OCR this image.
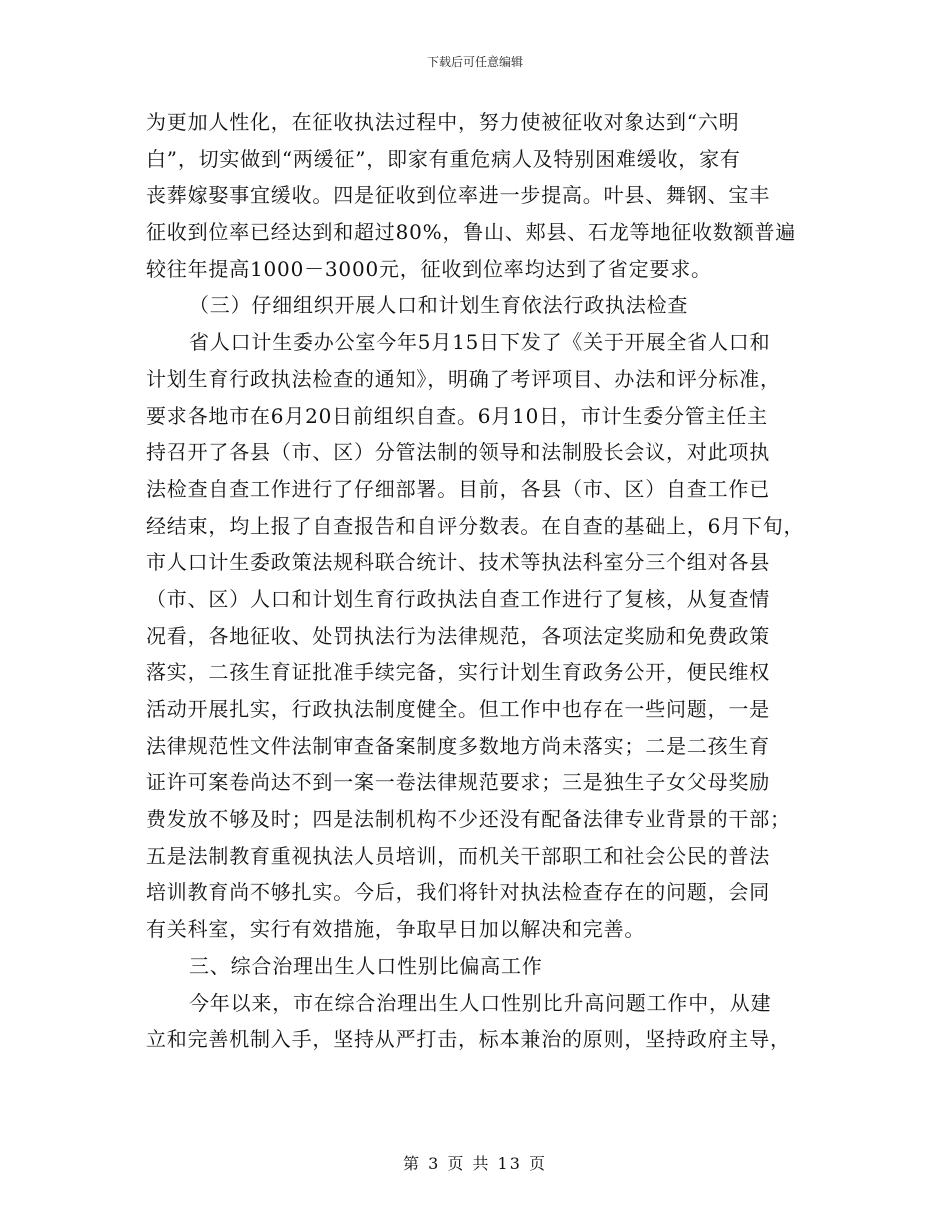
下载后可任意编辑
为更加人性化，在征收执法过程中，努力使被征收对象达到“六明
白”，切实做到“两缓征”，即家有重危病人及特别困难缓收，家有
丧葬嫁娶事宜缓收。四是征收到位率进一步提高。叶县、舞钢、宝丰
征收到位率已经达到和超过80%，鲁山、郏县、石龙等地征收数额普遍
较往年提高1000－3000元，征收到位率均达到了省定要求。
（三）仔细组织开展人口和计划生育依法行政执法检查
省人口计生委办公室今年5月15日下发了《关于开展全省人口和
计划生育行政执法检查的通知》，明确了考评项目、办法和评分标准，
要求各地市在6月20日前组织自查。6月10日，市计生委分管主任主
持召开了各县（市、区）分管法制的领导和法制股长会议，对此项执
法检查自查工作进行了仔细部署。目前，各县（市、区）自查工作已
经结束，均上报了自查报告和自评分数表。在自查的基础上，6月下旬，
市人口计生委政策法规科联合统计、技术等执法科室分三个组对各县
（市、区）人口和计划生育行政执法自查工作进行了复核，从复查情
况看，各地征收、处罚执法行为法律规范，各项法定奖励和免费政策
落实，二孩生育证批准手续完备，实行计划生育政务公开，便民维权
活动开展扎实，行政执法制度健全。但工作中也存在一些问题，一是
法律规范性文件法制审查备案制度多数地方尚未落实；二是二孩生育
证许可案卷尚达不到一案一卷法律规范要求；三是独生子女父母奖励
费发放不够及时；四是法制机构不少还没有配备法律专业背景的干部；
五是法制教育重视执法人员培训，而机关干部职工和社会公民的普法
培训教育尚不够扎实。今后，我们将针对执法检查存在的问题，会同
有关科室，实行有效措施，争取早日加以解决和完善。
三、综合治理出生人口性别比偏高工作
今年以来，市在综合治理出生人口性别比升高问题工作中，从建
立和完善机制入手，坚持从严打击，标本兼治的原则，坚持政府主导，
第 3 页 共 13 页
